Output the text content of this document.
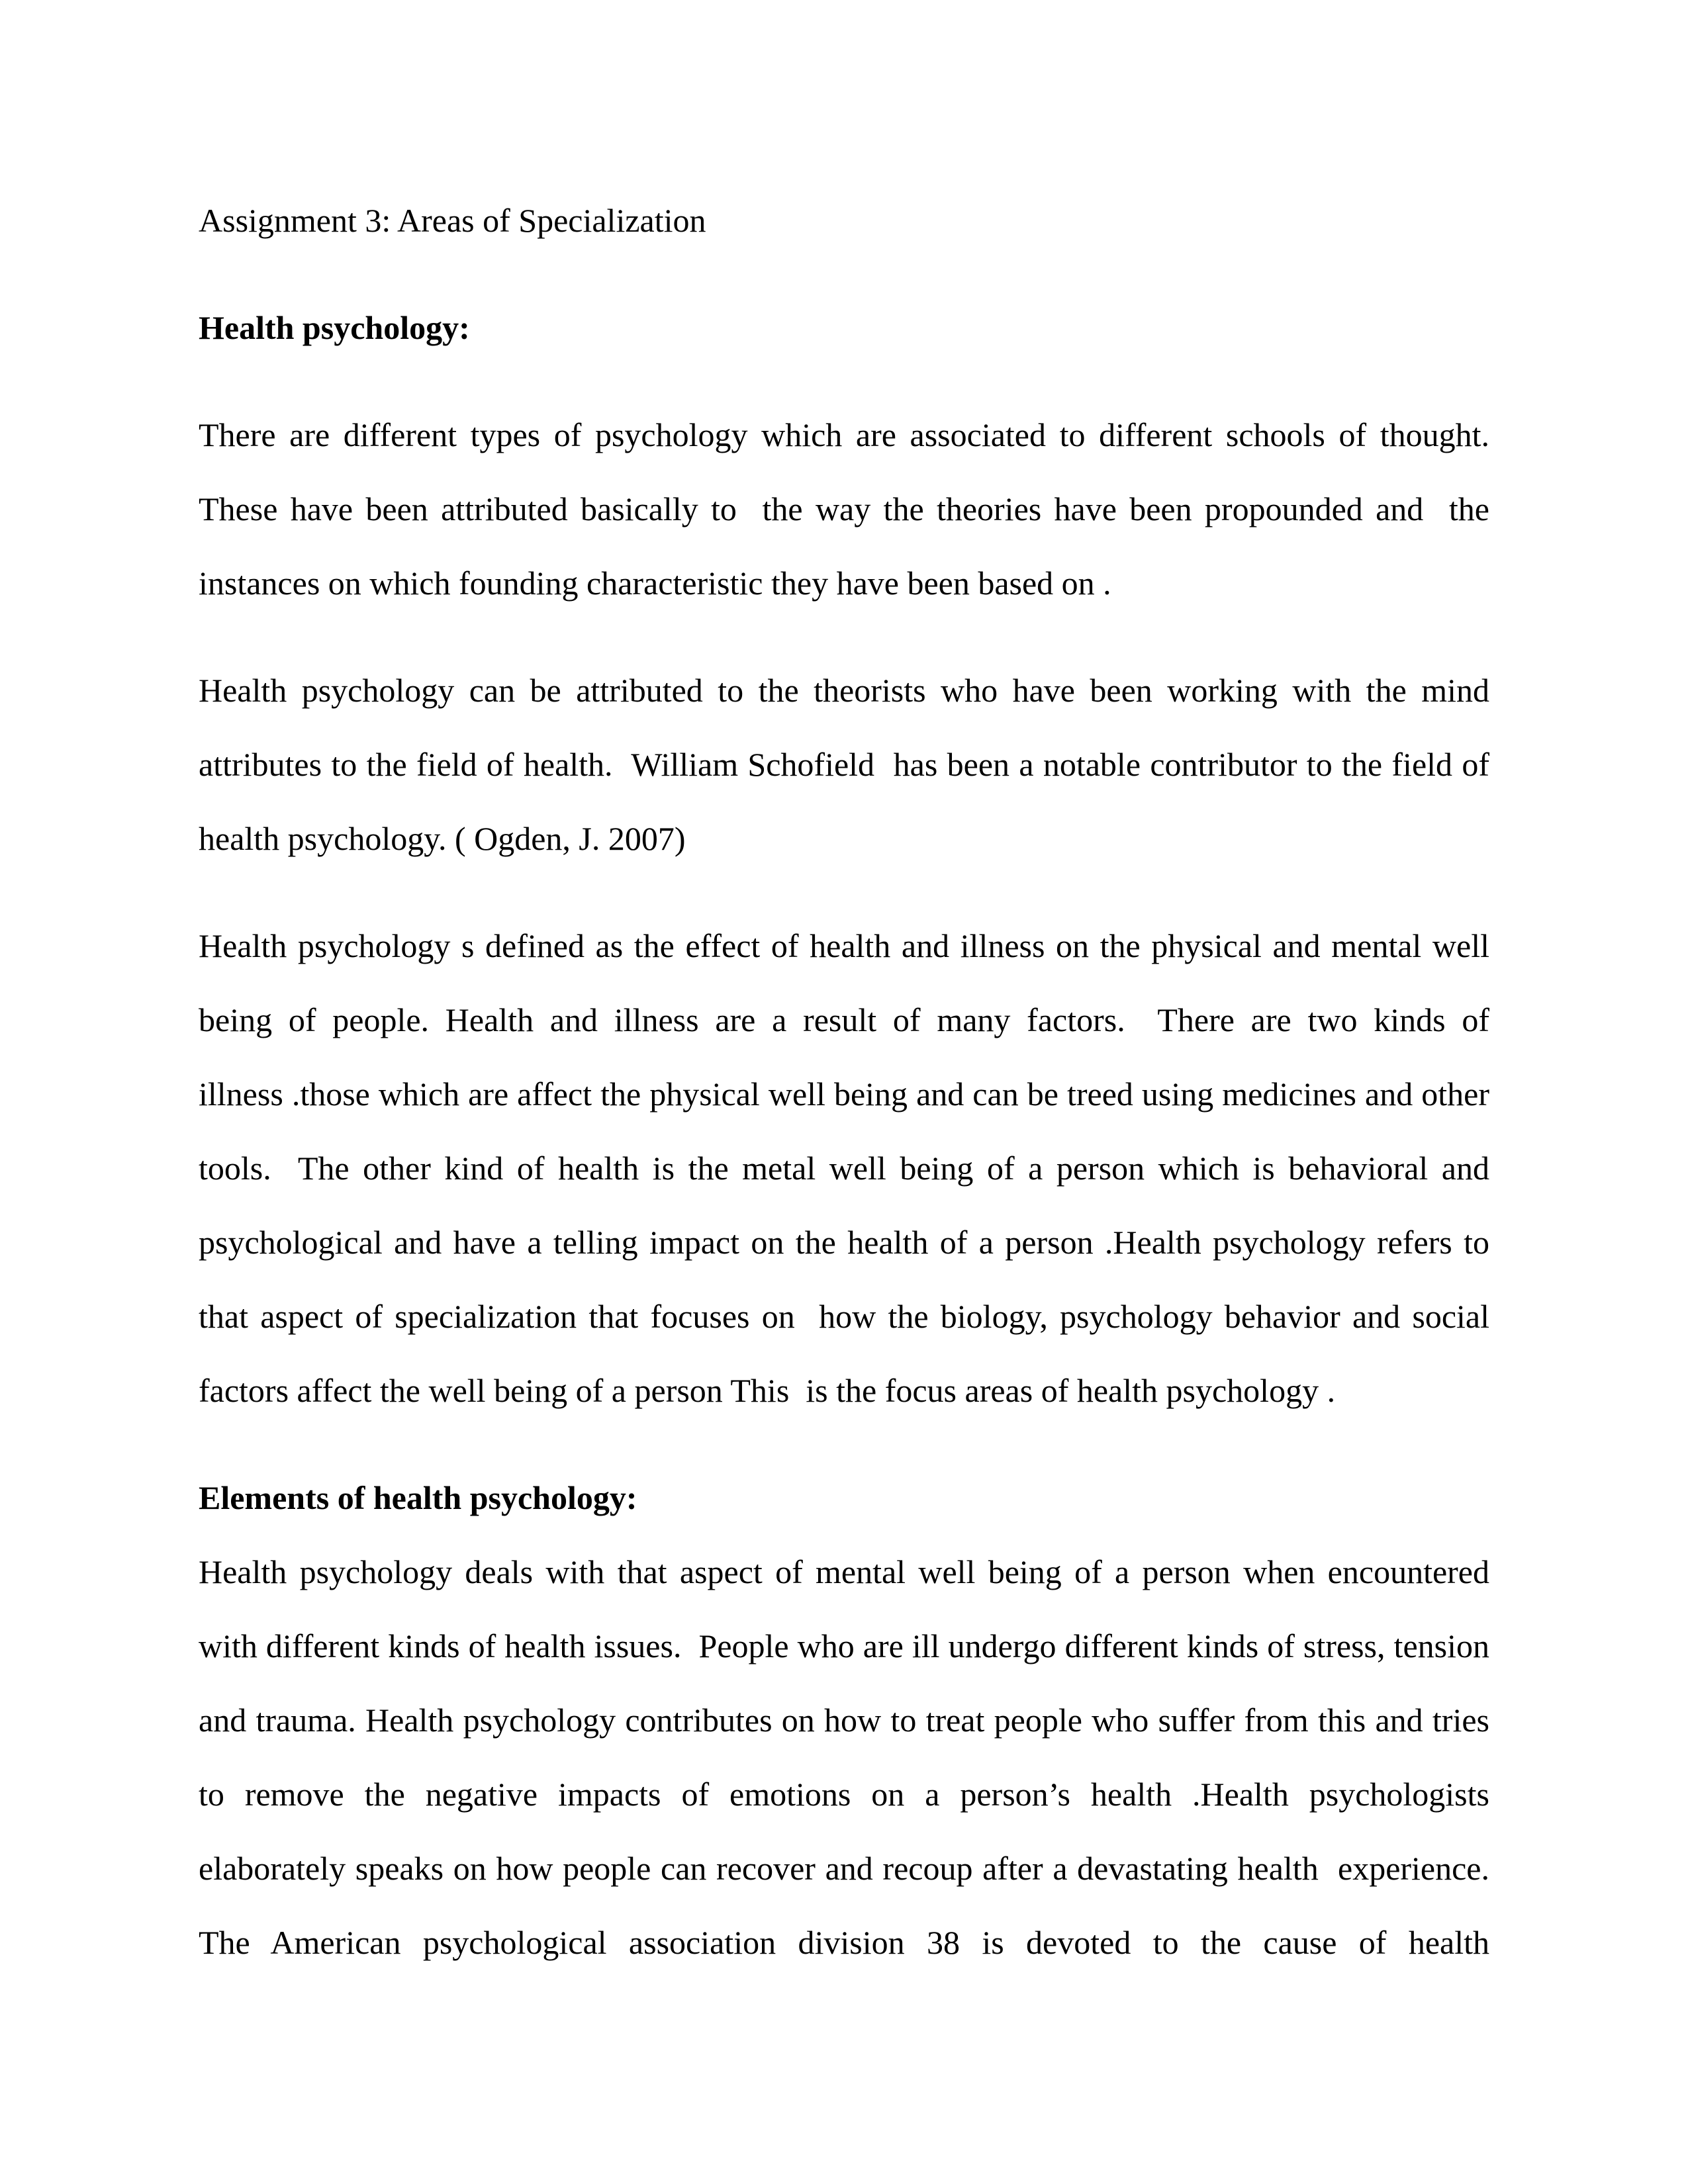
Assignment 3: Areas of Specialization
Health psychology:
There are different types of psychology which are associated to different schools of thought.
These have been attributed basically to  the way the theories have been propounded and  the
instances on which founding characteristic they have been based on .
Health psychology can be attributed to the theorists who have been working with the mind
attributes to the field of health.  William Schofield  has been a notable contributor to the field of
health psychology. ( Ogden, J. 2007)
Health psychology s defined as the effect of health and illness on the physical and mental well
being of people. Health and illness are a result of many factors.  There are two kinds of
illness .those which are affect the physical well being and can be treed using medicines and other
tools.  The other kind of health is the metal well being of a person which is behavioral and
psychological and have a telling impact on the health of a person .Health psychology refers to
that aspect of specialization that focuses on  how the biology, psychology behavior and social
factors affect the well being of a person This  is the focus areas of health psychology .
Elements of health psychology:
Health psychology deals with that aspect of mental well being of a person when encountered
with different kinds of health issues.  People who are ill undergo different kinds of stress, tension
and trauma. Health psychology contributes on how to treat people who suffer from this and tries
to remove the negative impacts of emotions on a person’s health .Health psychologists
elaborately speaks on how people can recover and recoup after a devastating health  experience.
The American psychological association division 38 is devoted to the cause of health
